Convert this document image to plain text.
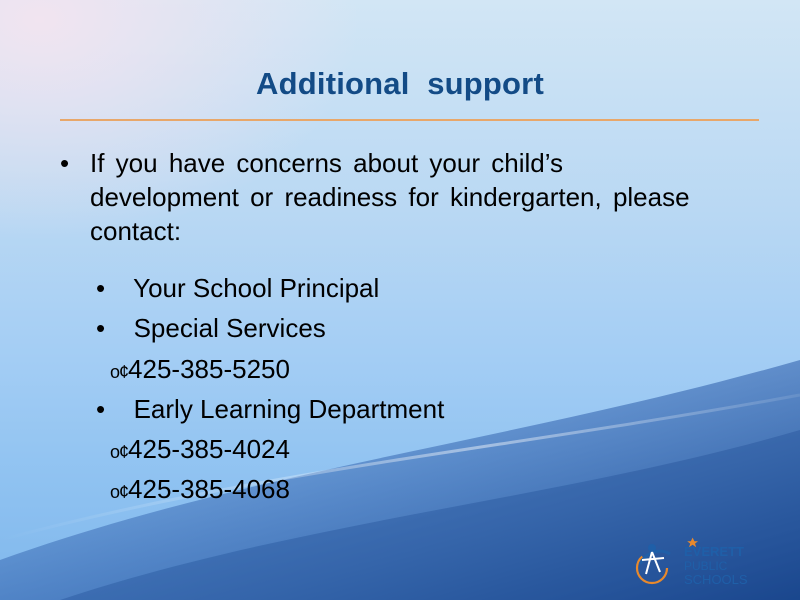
Additional  support
• If you have concerns about your child’s development or readiness for kindergarten, please contact:
• Your School Principal
• Special Services
o¢425-385-5250
• Early Learning Department
o¢425-385-4024
o¢425-385-4068
EVERETT
PUBLIC
SCHOOLS
